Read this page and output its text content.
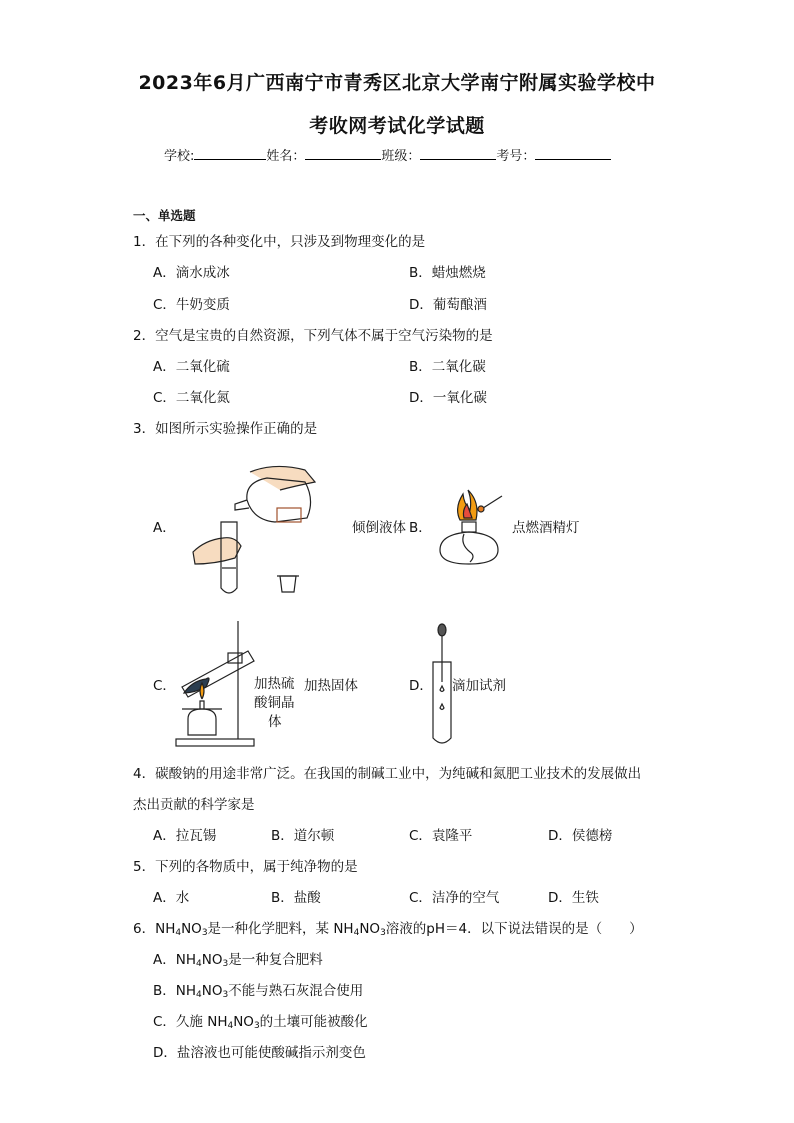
2023年6月广西南宁市青秀区北京大学南宁附属实验学校中
考收网考试化学试题
学校:	姓名：	班级：	考号：
一、单选题
1．在下列的各种变化中，只涉及到物理变化的是
A．滴水成冰	B．蜡烛燃烧
C．牛奶变质	D．葡萄酿酒
2．空气是宝贵的自然资源，下列气体不属于空气污染物的是
A．二氧化硫	B．二氧化碳
C．二氧化氮	D．一氧化碳
3．如图所示实验操作正确的是
A．	倾倒液体 B．	点燃酒精灯
C．	加热硫
酸铜晶
体
加热固体	D． 滴加试剂
4．碳酸钠的用途非常广泛。在我国的制碱工业中，为纯碱和氮肥工业技术的发展做出
杰出贡献的科学家是
A．拉瓦锡	B．道尔顿	C．袁隆平	D．侯德榜
5．下列的各物质中，属于纯净物的是
A．水	B．盐酸	C．洁净的空气	D．生铁
6．$NH_4NO_3$是一种化学肥料，某 $NH_4NO_3$溶液的pH＝4．以下说法错误的是（　　）
A．$NH_4NO_3$是一种复合肥料
B．$NH_4NO_3$不能与熟石灰混合使用
C．久施 $NH_4NO_3$的土壤可能被酸化
D．盐溶液也可能使酸碱指示剂变色
